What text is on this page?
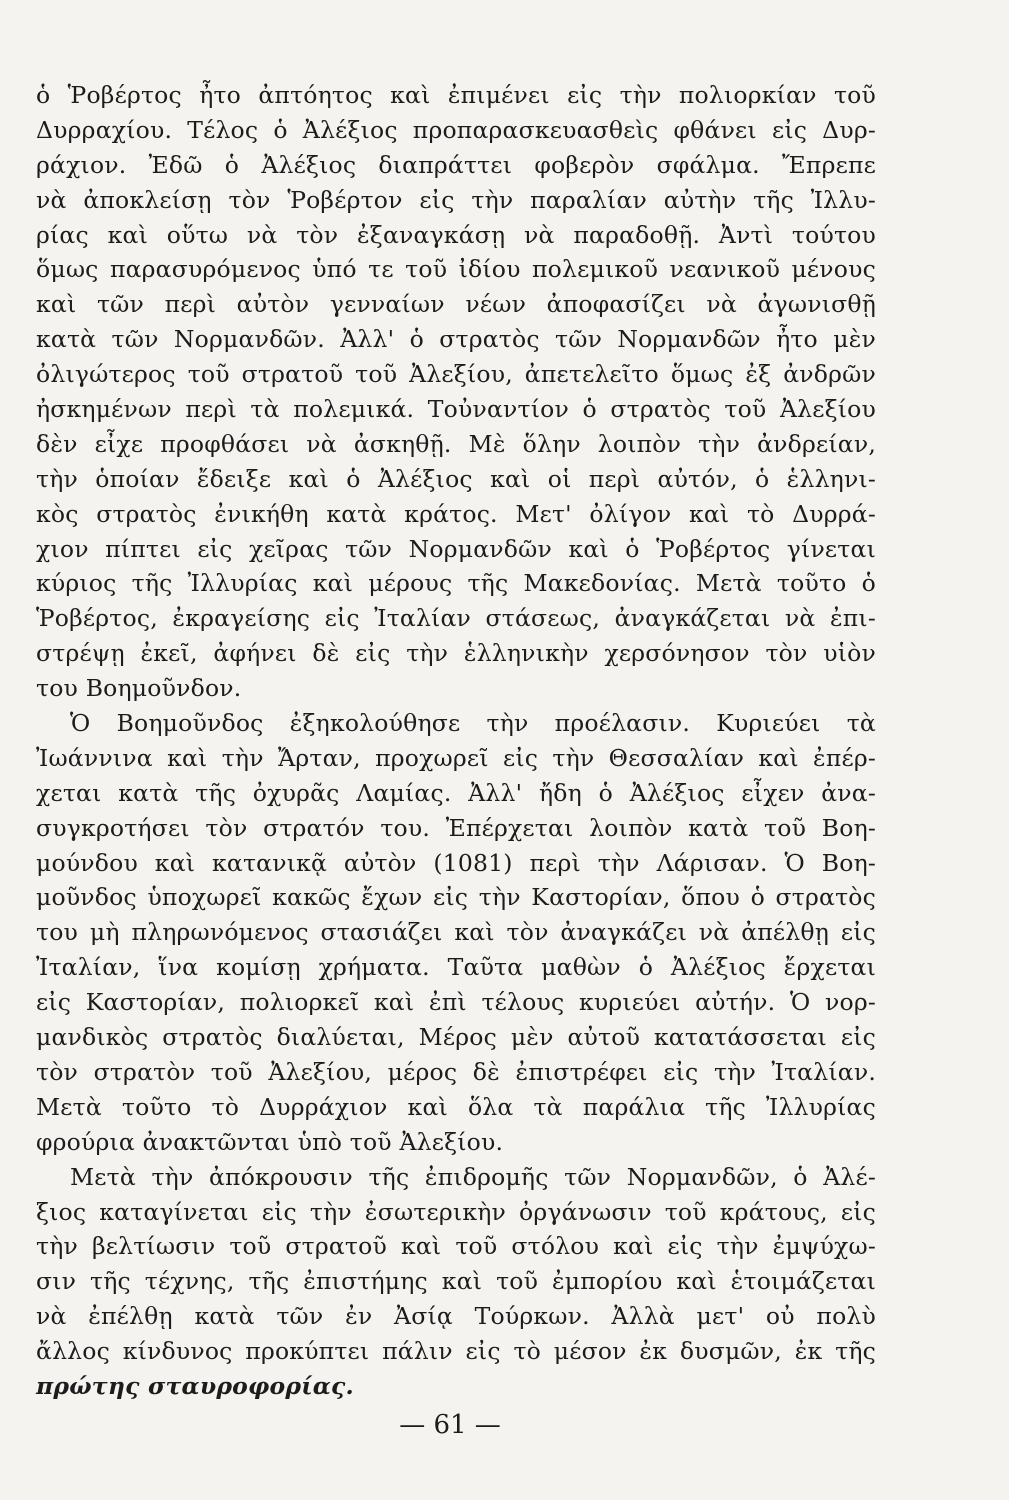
ὁ Ῥοβέρτος ἦτο ἀπτόητος καὶ ἐπιμένει εἰς τὴν πολιορκίαν τοῦ
Δυρραχίου. Τέλος ὁ Ἀλέξιος προπαρασκευασθεὶς φθάνει εἰς Δυρ-
ράχιον. Ἐδῶ ὁ Ἀλέξιος διαπράττει φοβερὸν σφάλμα. Ἔπρεπε
νὰ ἀποκλείσῃ τὸν Ῥοβέρτον εἰς τὴν παραλίαν αὐτὴν τῆς Ἰλλυ-
ρίας καὶ οὕτω νὰ τὸν ἐξαναγκάσῃ νὰ παραδοθῇ. Ἀντὶ τούτου
ὅμως παρασυρόμενος ὑπό τε τοῦ ἰδίου πολεμικοῦ νεανικοῦ μένους
καὶ τῶν περὶ αὐτὸν γενναίων νέων ἀποφασίζει νὰ ἀγωνισθῇ
κατὰ τῶν Νορμανδῶν. Ἀλλ' ὁ στρατὸς τῶν Νορμανδῶν ἦτο μὲν
ὀλιγώτερος τοῦ στρατοῦ τοῦ Ἀλεξίου, ἀπετελεῖτο ὅμως ἐξ ἀνδρῶν
ἠσκημένων περὶ τὰ πολεμικά. Τοὐναντίον ὁ στρατὸς τοῦ Ἀλεξίου
δὲν εἶχε προφθάσει νὰ ἀσκηθῇ. Μὲ ὅλην λοιπὸν τὴν ἀνδρείαν,
τὴν ὁποίαν ἔδειξε καὶ ὁ Ἀλέξιος καὶ οἱ περὶ αὐτόν, ὁ ἑλληνι-
κὸς στρατὸς ἐνικήθη κατὰ κράτος. Μετ' ὀλίγον καὶ τὸ Δυρρά-
χιον πίπτει εἰς χεῖρας τῶν Νορμανδῶν καὶ ὁ Ῥοβέρτος γίνεται
κύριος τῆς Ἰλλυρίας καὶ μέρους τῆς Μακεδονίας. Μετὰ τοῦτο ὁ
Ῥοβέρτος, ἐκραγείσης εἰς Ἰταλίαν στάσεως, ἀναγκάζεται νὰ ἐπι-
στρέψῃ ἐκεῖ, ἀφήνει δὲ εἰς τὴν ἑλληνικὴν χερσόνησον τὸν υἱὸν
του Βοημοῦνδον.
Ὁ Βοημοῦνδος ἐξηκολούθησε τὴν προέλασιν. Κυριεύει τὰ
Ἰωάννινα καὶ τὴν Ἄρταν, προχωρεῖ εἰς τὴν Θεσσαλίαν καὶ ἐπέρ-
χεται κατὰ τῆς ὀχυρᾶς Λαμίας. Ἀλλ' ἤδη ὁ Ἀλέξιος εἶχεν ἀνα-
συγκροτήσει τὸν στρατόν του. Ἐπέρχεται λοιπὸν κατὰ τοῦ Βοη-
μούνδου καὶ κατανικᾷ αὐτὸν (1081) περὶ τὴν Λάρισαν. Ὁ Βοη-
μοῦνδος ὑποχωρεῖ κακῶς ἔχων εἰς τὴν Καστορίαν, ὅπου ὁ στρατὸς
του μὴ πληρωνόμενος στασιάζει καὶ τὸν ἀναγκάζει νὰ ἀπέλθῃ εἰς
Ἰταλίαν, ἵνα κομίσῃ χρήματα. Ταῦτα μαθὼν ὁ Ἀλέξιος ἔρχεται
εἰς Καστορίαν, πολιορκεῖ καὶ ἐπὶ τέλους κυριεύει αὐτήν. Ὁ νορ-
μανδικὸς στρατὸς διαλύεται, Μέρος μὲν αὐτοῦ κατατάσσεται εἰς
τὸν στρατὸν τοῦ Ἀλεξίου, μέρος δὲ ἐπιστρέφει εἰς τὴν Ἰταλίαν.
Μετὰ τοῦτο τὸ Δυρράχιον καὶ ὅλα τὰ παράλια τῆς Ἰλλυρίας
φρούρια ἀνακτῶνται ὑπὸ τοῦ Ἀλεξίου.
Μετὰ τὴν ἀπόκρουσιν τῆς ἐπιδρομῆς τῶν Νορμανδῶν, ὁ Ἀλέ-
ξιος καταγίνεται εἰς τὴν ἐσωτερικὴν ὀργάνωσιν τοῦ κράτους, εἰς
τὴν βελτίωσιν τοῦ στρατοῦ καὶ τοῦ στόλου καὶ εἰς τὴν ἐμψύχω-
σιν τῆς τέχνης, τῆς ἐπιστήμης καὶ τοῦ ἐμπορίου καὶ ἑτοιμάζεται
νὰ ἐπέλθῃ κατὰ τῶν ἐν Ἀσίᾳ Τούρκων. Ἀλλὰ μετ' οὐ πολὺ
ἄλλος κίνδυνος προκύπτει πάλιν εἰς τὸ μέσον ἐκ δυσμῶν, ἐκ τῆς
πρώτης σταυροφορίας.
— 61 —
